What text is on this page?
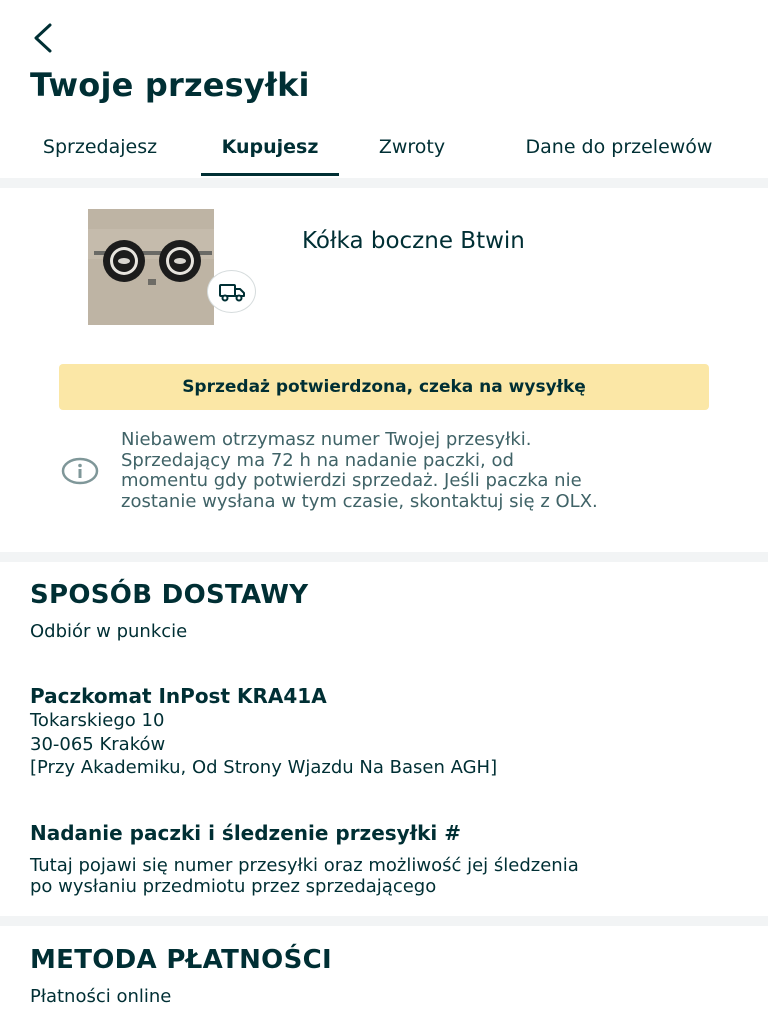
Twoje przesyłki
Sprzedajesz	Kupujesz	Zwroty	Dane do przelewów
Kółka boczne Btwin
Sprzedaż potwierdzona, czeka na wysyłkę
Niebawem otrzymasz numer Twojej przesyłki.
Sprzedający ma 72 h na nadanie paczki, od
momentu gdy potwierdzi sprzedaż. Jeśli paczka nie
zostanie wysłana w tym czasie, skontaktuj się z OLX.
SPOSÓB DOSTAWY
Odbiór w punkcie
Paczkomat InPost KRA41A
Tokarskiego 10
30-065 Kraków
[Przy Akademiku, Od Strony Wjazdu Na Basen AGH]
Nadanie paczki i śledzenie przesyłki #
Tutaj pojawi się numer przesyłki oraz możliwość jej śledzenia
po wysłaniu przedmiotu przez sprzedającego
METODA PŁATNOŚCI
Płatności online
